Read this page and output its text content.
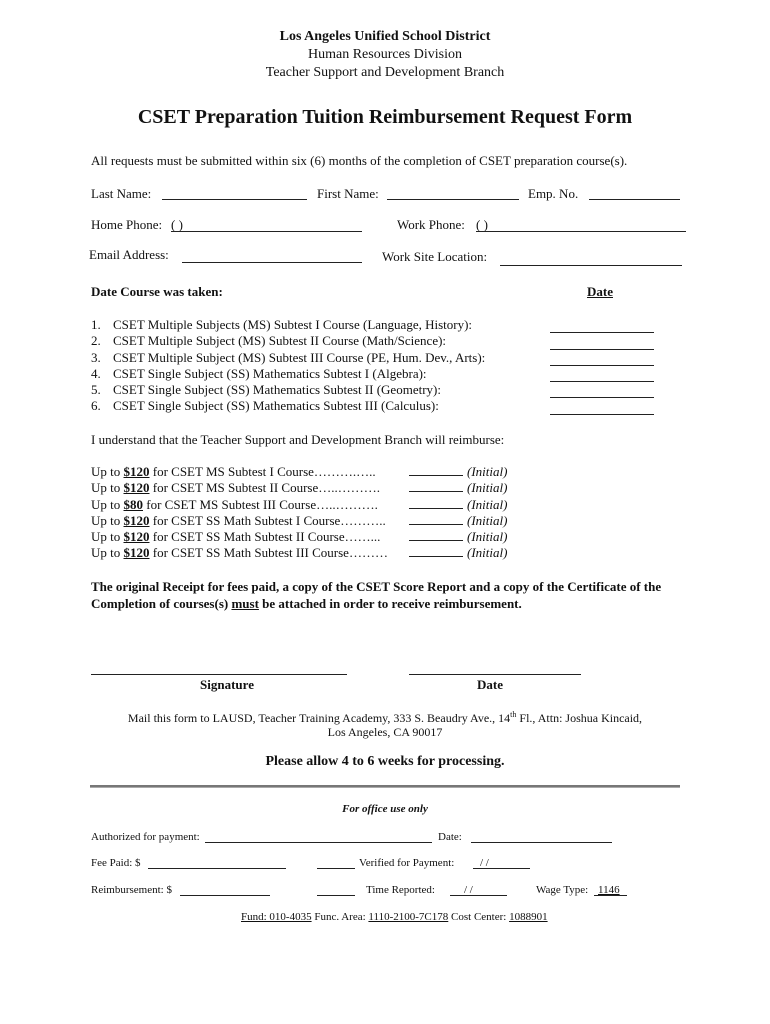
Los Angeles Unified School District
Human Resources Division
Teacher Support and Development Branch
CSET Preparation Tuition Reimbursement Request Form
All requests must be submitted within six (6) months of the completion of CSET preparation course(s).
Last Name:	First Name:	Emp. No.
Home Phone: ( )	Work Phone: ( )
Email Address:	Work Site Location:
Date Course was taken:	Date
1. CSET Multiple Subjects (MS) Subtest I Course (Language, History):
2. CSET Multiple Subject (MS) Subtest II Course (Math/Science):
3. CSET Multiple Subject (MS) Subtest III Course (PE, Hum. Dev., Arts):
4. CSET Single Subject (SS) Mathematics Subtest I (Algebra):
5. CSET Single Subject (SS) Mathematics Subtest II (Geometry):
6. CSET Single Subject (SS) Mathematics Subtest III (Calculus):
I understand that the Teacher Support and Development Branch will reimburse:
Up to $120 for CSET MS Subtest I Course……….…..	(Initial)
Up to $120 for CSET MS Subtest II Course…..……….	(Initial)
Up to $80 for CSET MS Subtest III Course…..……….	(Initial)
Up to $120 for CSET SS Math Subtest I Course………..	(Initial)
Up to $120 for CSET SS Math Subtest II Course……...	(Initial)
Up to $120 for CSET SS Math Subtest III Course………	(Initial)
The original Receipt for fees paid, a copy of the CSET Score Report and a copy of the Certificate of the Completion of courses(s) must be attached in order to receive reimbursement.
Signature	Date
Mail this form to LAUSD, Teacher Training Academy, 333 S. Beaudry Ave., 14th Fl., Attn: Joshua Kincaid,
Los Angeles, CA 90017
Please allow 4 to 6 weeks for processing.
For office use only
Authorized for payment:	Date:
Fee Paid: $	Verified for Payment: / /
Reimbursement: $	Time Reported:	/ /	Wage Type: 1146
Fund: 010-4035 Func. Area: 1110-2100-7C178 Cost Center: 1088901
